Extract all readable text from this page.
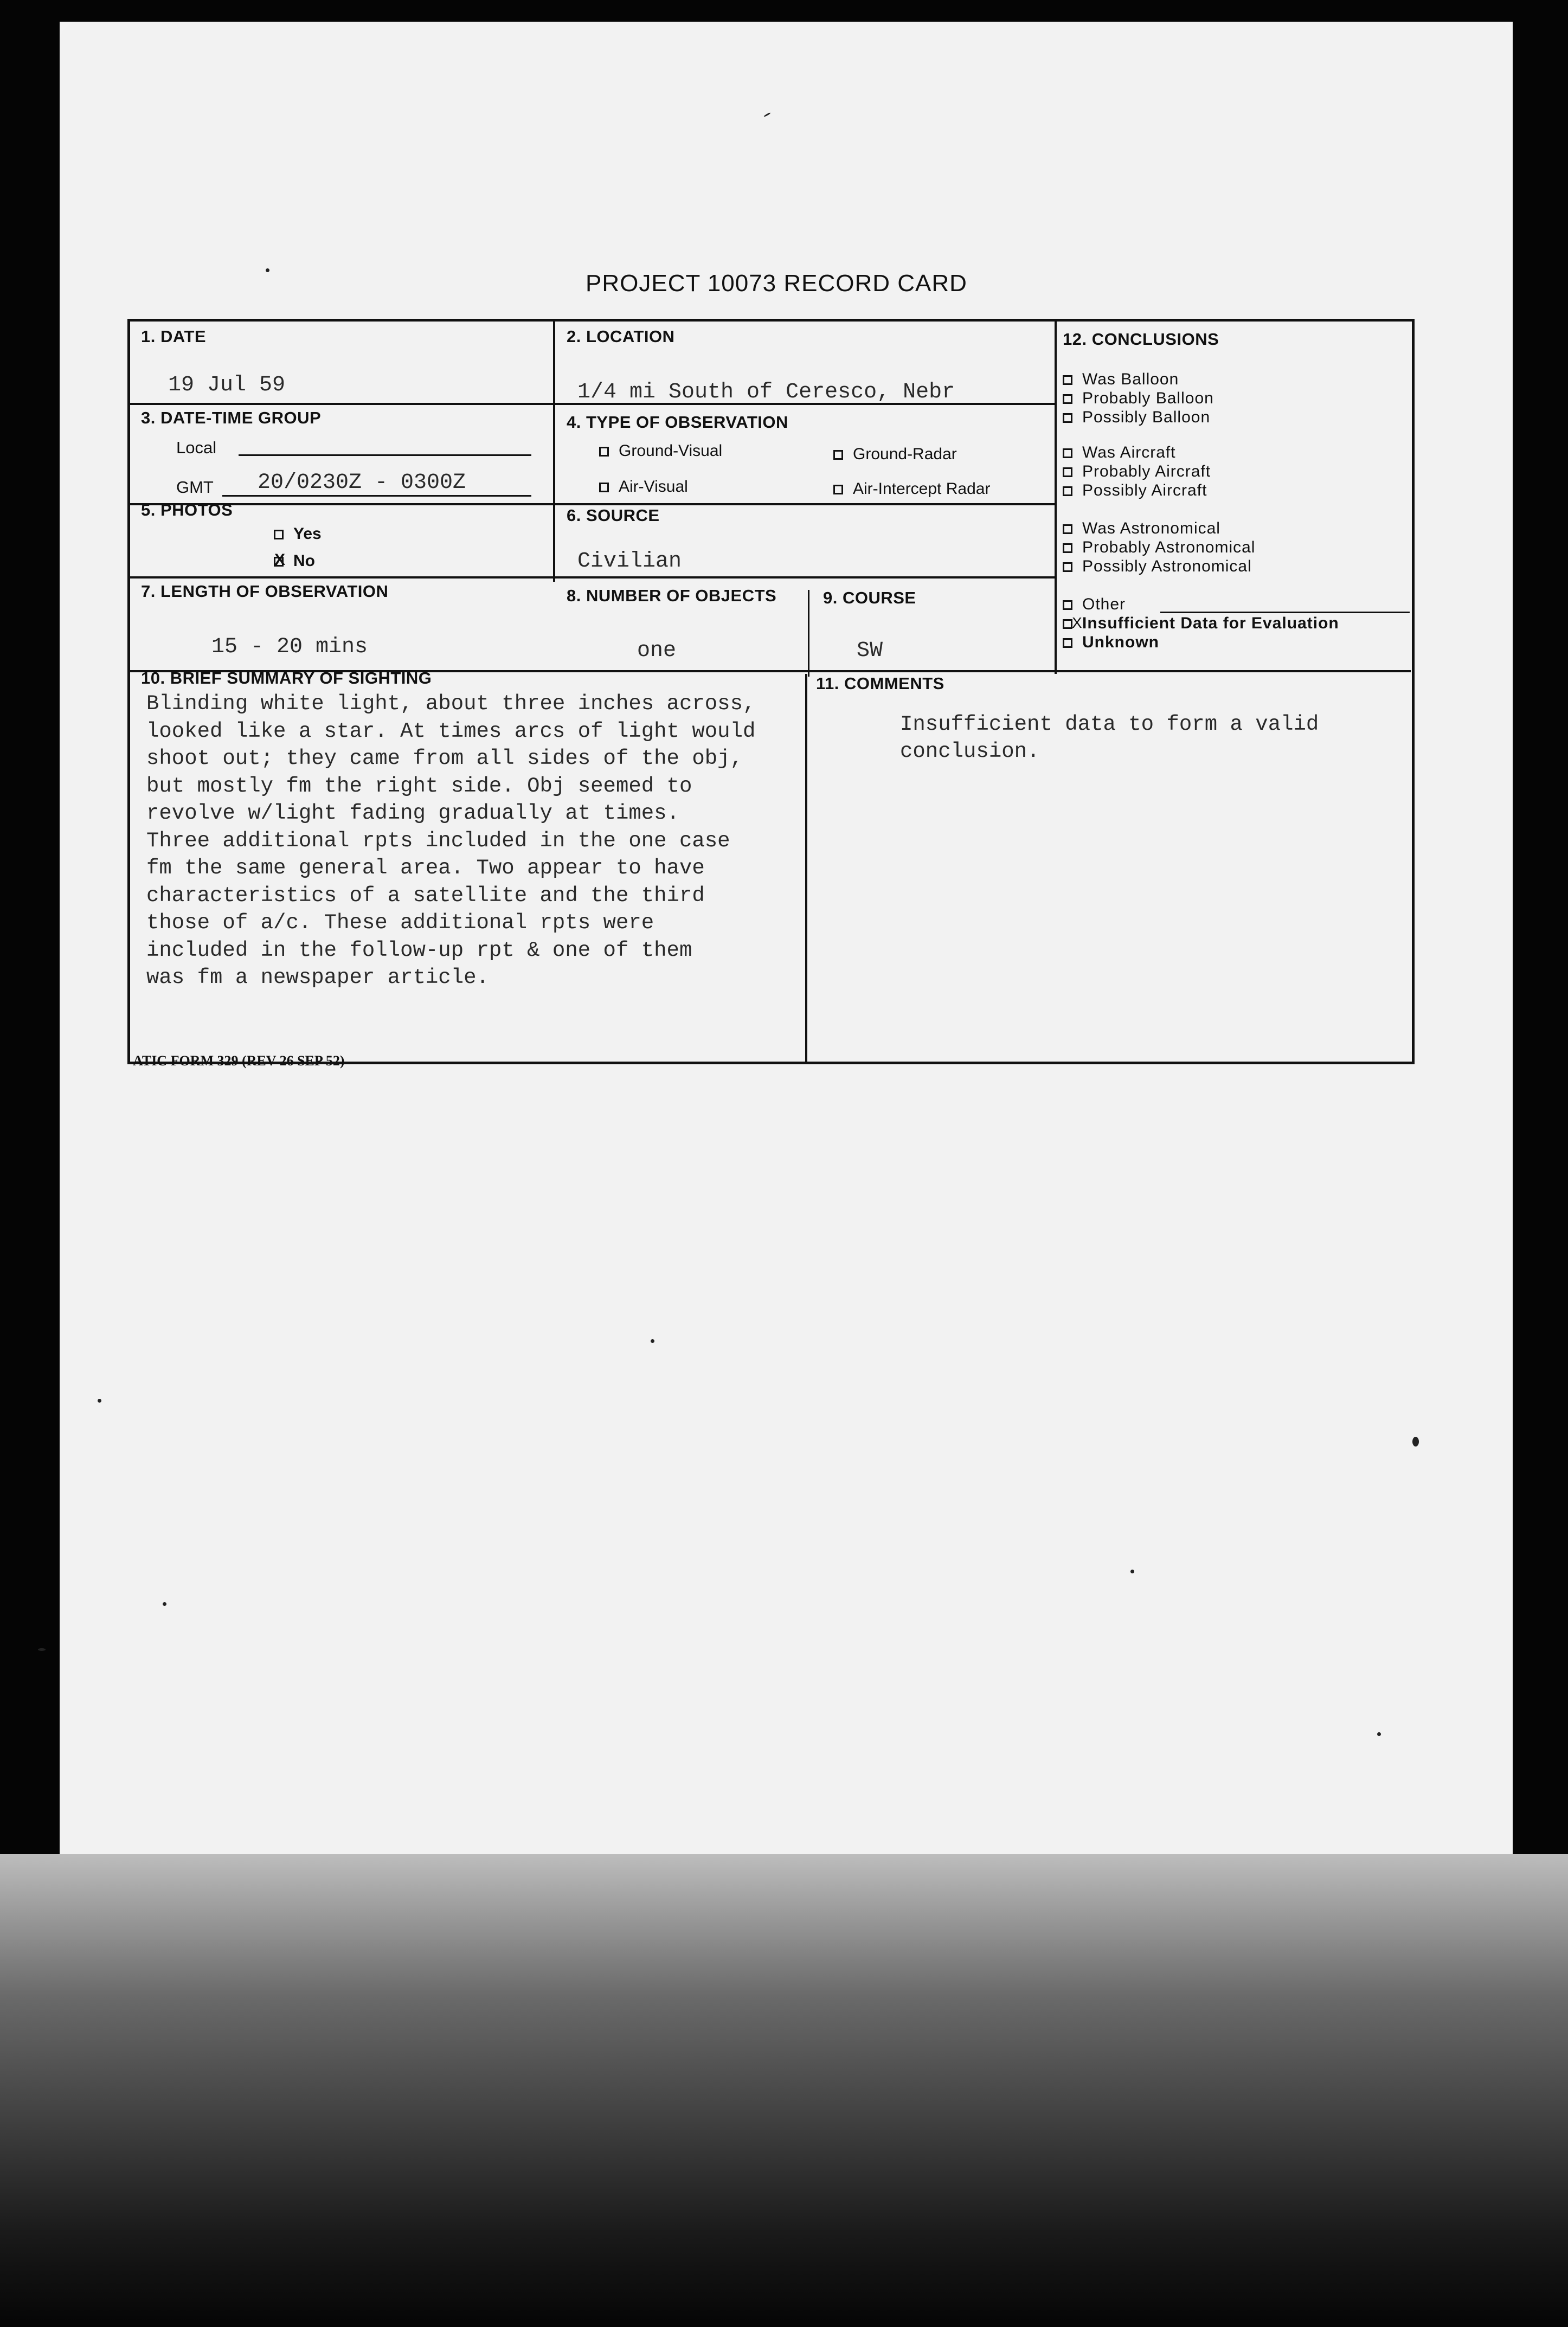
PROJECT 10073 RECORD CARD
1. DATE
19 Jul 59
2. LOCATION
1/4 mi South of Ceresco, Nebr
3. DATE-TIME GROUP
Local
GMT 20/0230Z - 0300Z
4. TYPE OF OBSERVATION
Ground-Visual	Ground-Radar
Air-Visual	Air-Intercept Radar
5. PHOTOS
Yes
X No
6. SOURCE
Civilian
7. LENGTH OF OBSERVATION
15 - 20 mins
8. NUMBER OF OBJECTS
one
9. COURSE
SW
10. BRIEF SUMMARY OF SIGHTING
Blinding white light, about three inches across,
looked like a star. At times arcs of light would
shoot out; they came from all sides of the obj,
but mostly fm the right side. Obj seemed to
revolve w/light fading gradually at times.
Three additional rpts included in the one case
fm the same general area. Two appear to have
characteristics of a satellite and the third
those of a/c. These additional rpts were
included in the follow-up rpt & one of them
was fm a newspaper article.
11. COMMENTS
Insufficient data to form a valid
conclusion.
12. CONCLUSIONS
Was Balloon
Probably Balloon
Possibly Balloon
Was Aircraft
Probably Aircraft
Possibly Aircraft
Was Astronomical
Probably Astronomical
Possibly Astronomical
Other
X Insufficient Data for Evaluation
Unknown
ATIC FORM 329 (REV 26 SEP 52)
